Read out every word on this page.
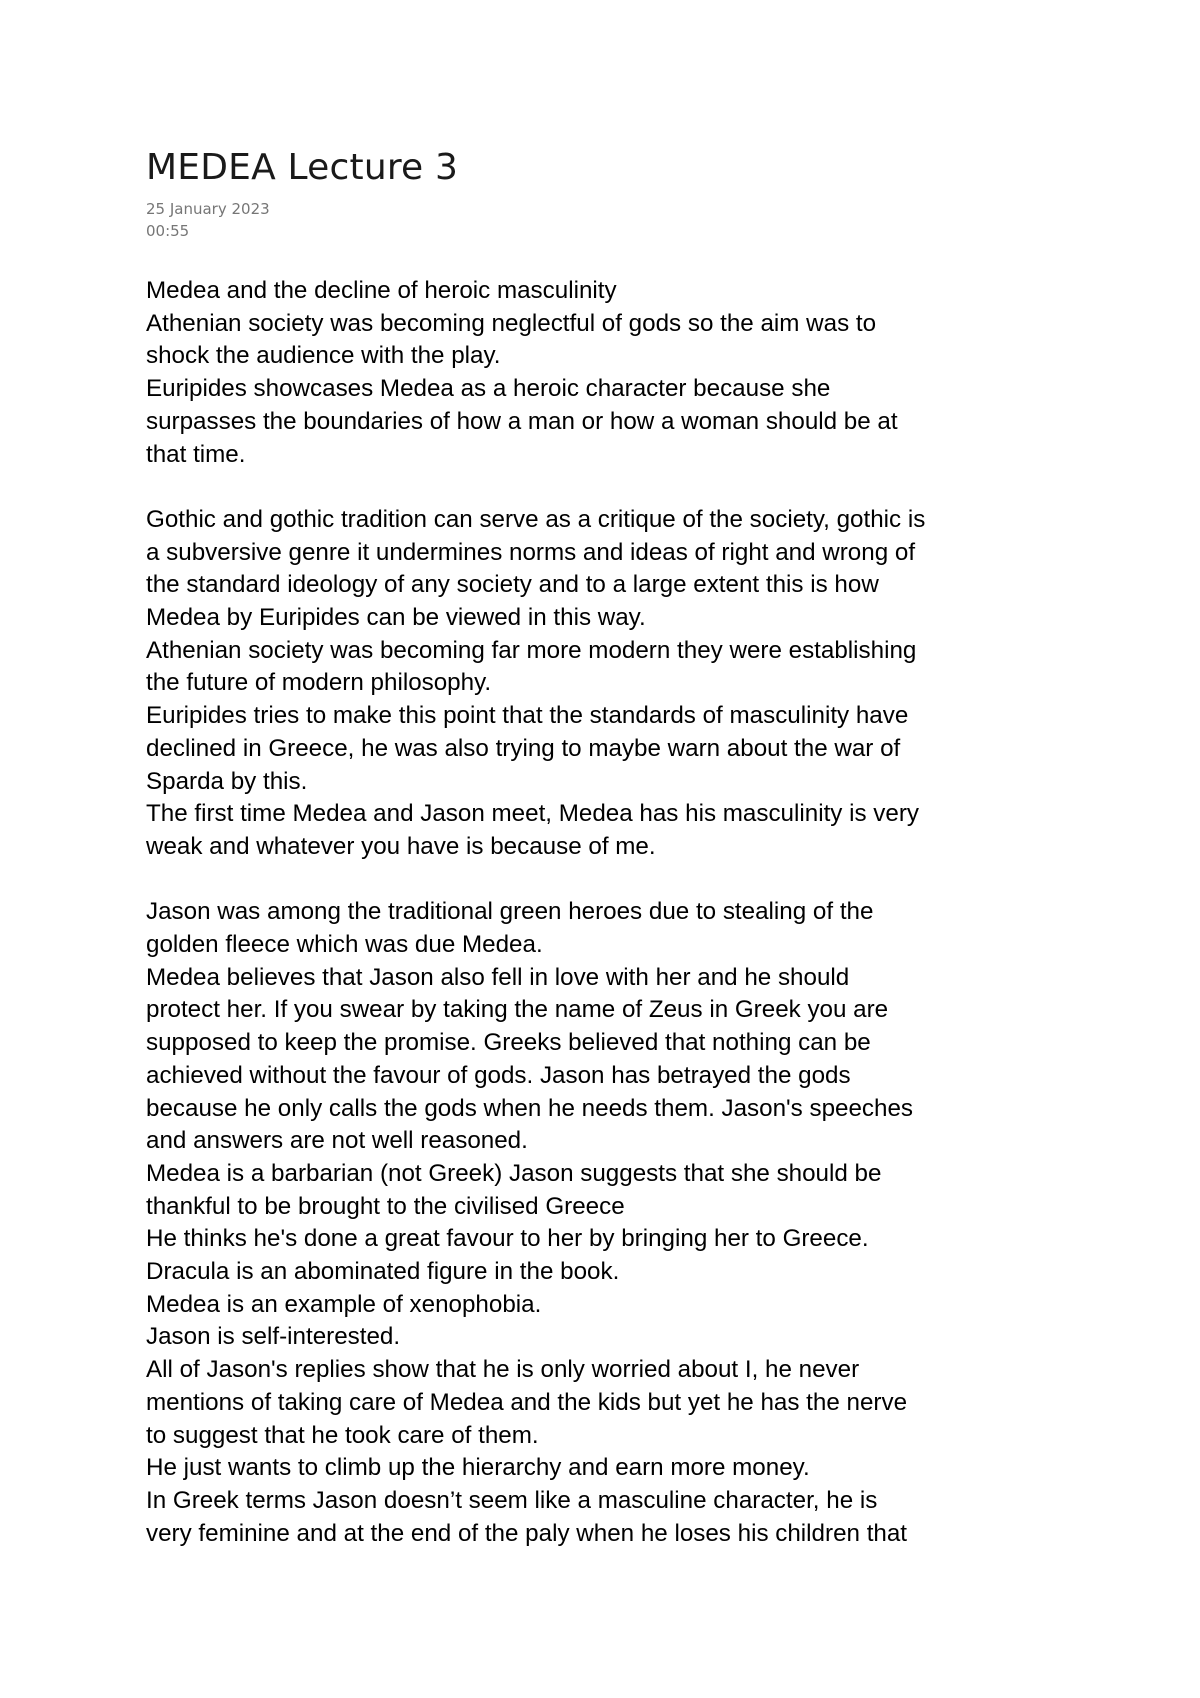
MEDEA Lecture 3

25 January 2023

00:55

Medea and the decline of heroic masculinity

Athenian society was becoming neglectful of gods so the aim was to

shock the audience with the play.

Euripides showcases Medea as a heroic character because she

surpasses the boundaries of how a man or how a woman should be at

that time.

Gothic and gothic tradition can serve as a critique of the society, gothic is

a subversive genre it undermines norms and ideas of right and wrong of

the standard ideology of any society and to a large extent this is how

Medea by Euripides can be viewed in this way.

Athenian society was becoming far more modern they were establishing

the future of modern philosophy.

Euripides tries to make this point that the standards of masculinity have

declined in Greece, he was also trying to maybe warn about the war of

Sparda by this.

The first time Medea and Jason meet, Medea has his masculinity is very

weak and whatever you have is because of me.

Jason was among the traditional green heroes due to stealing of the

golden fleece which was due Medea.

Medea believes that Jason also fell in love with her and he should

protect her. If you swear by taking the name of Zeus in Greek you are

supposed to keep the promise. Greeks believed that nothing can be

achieved without the favour of gods. Jason has betrayed the gods

because he only calls the gods when he needs them. Jason's speeches

and answers are not well reasoned.

Medea is a barbarian (not Greek) Jason suggests that she should be

thankful to be brought to the civilised Greece

He thinks he's done a great favour to her by bringing her to Greece.

Dracula is an abominated figure in the book.

Medea is an example of xenophobia.

Jason is self-interested.

All of Jason's replies show that he is only worried about I, he never

mentions of taking care of Medea and the kids but yet he has the nerve

to suggest that he took care of them.

He just wants to climb up the hierarchy and earn more money.

In Greek terms Jason doesn’t seem like a masculine character, he is

very feminine and at the end of the paly when he loses his children that
